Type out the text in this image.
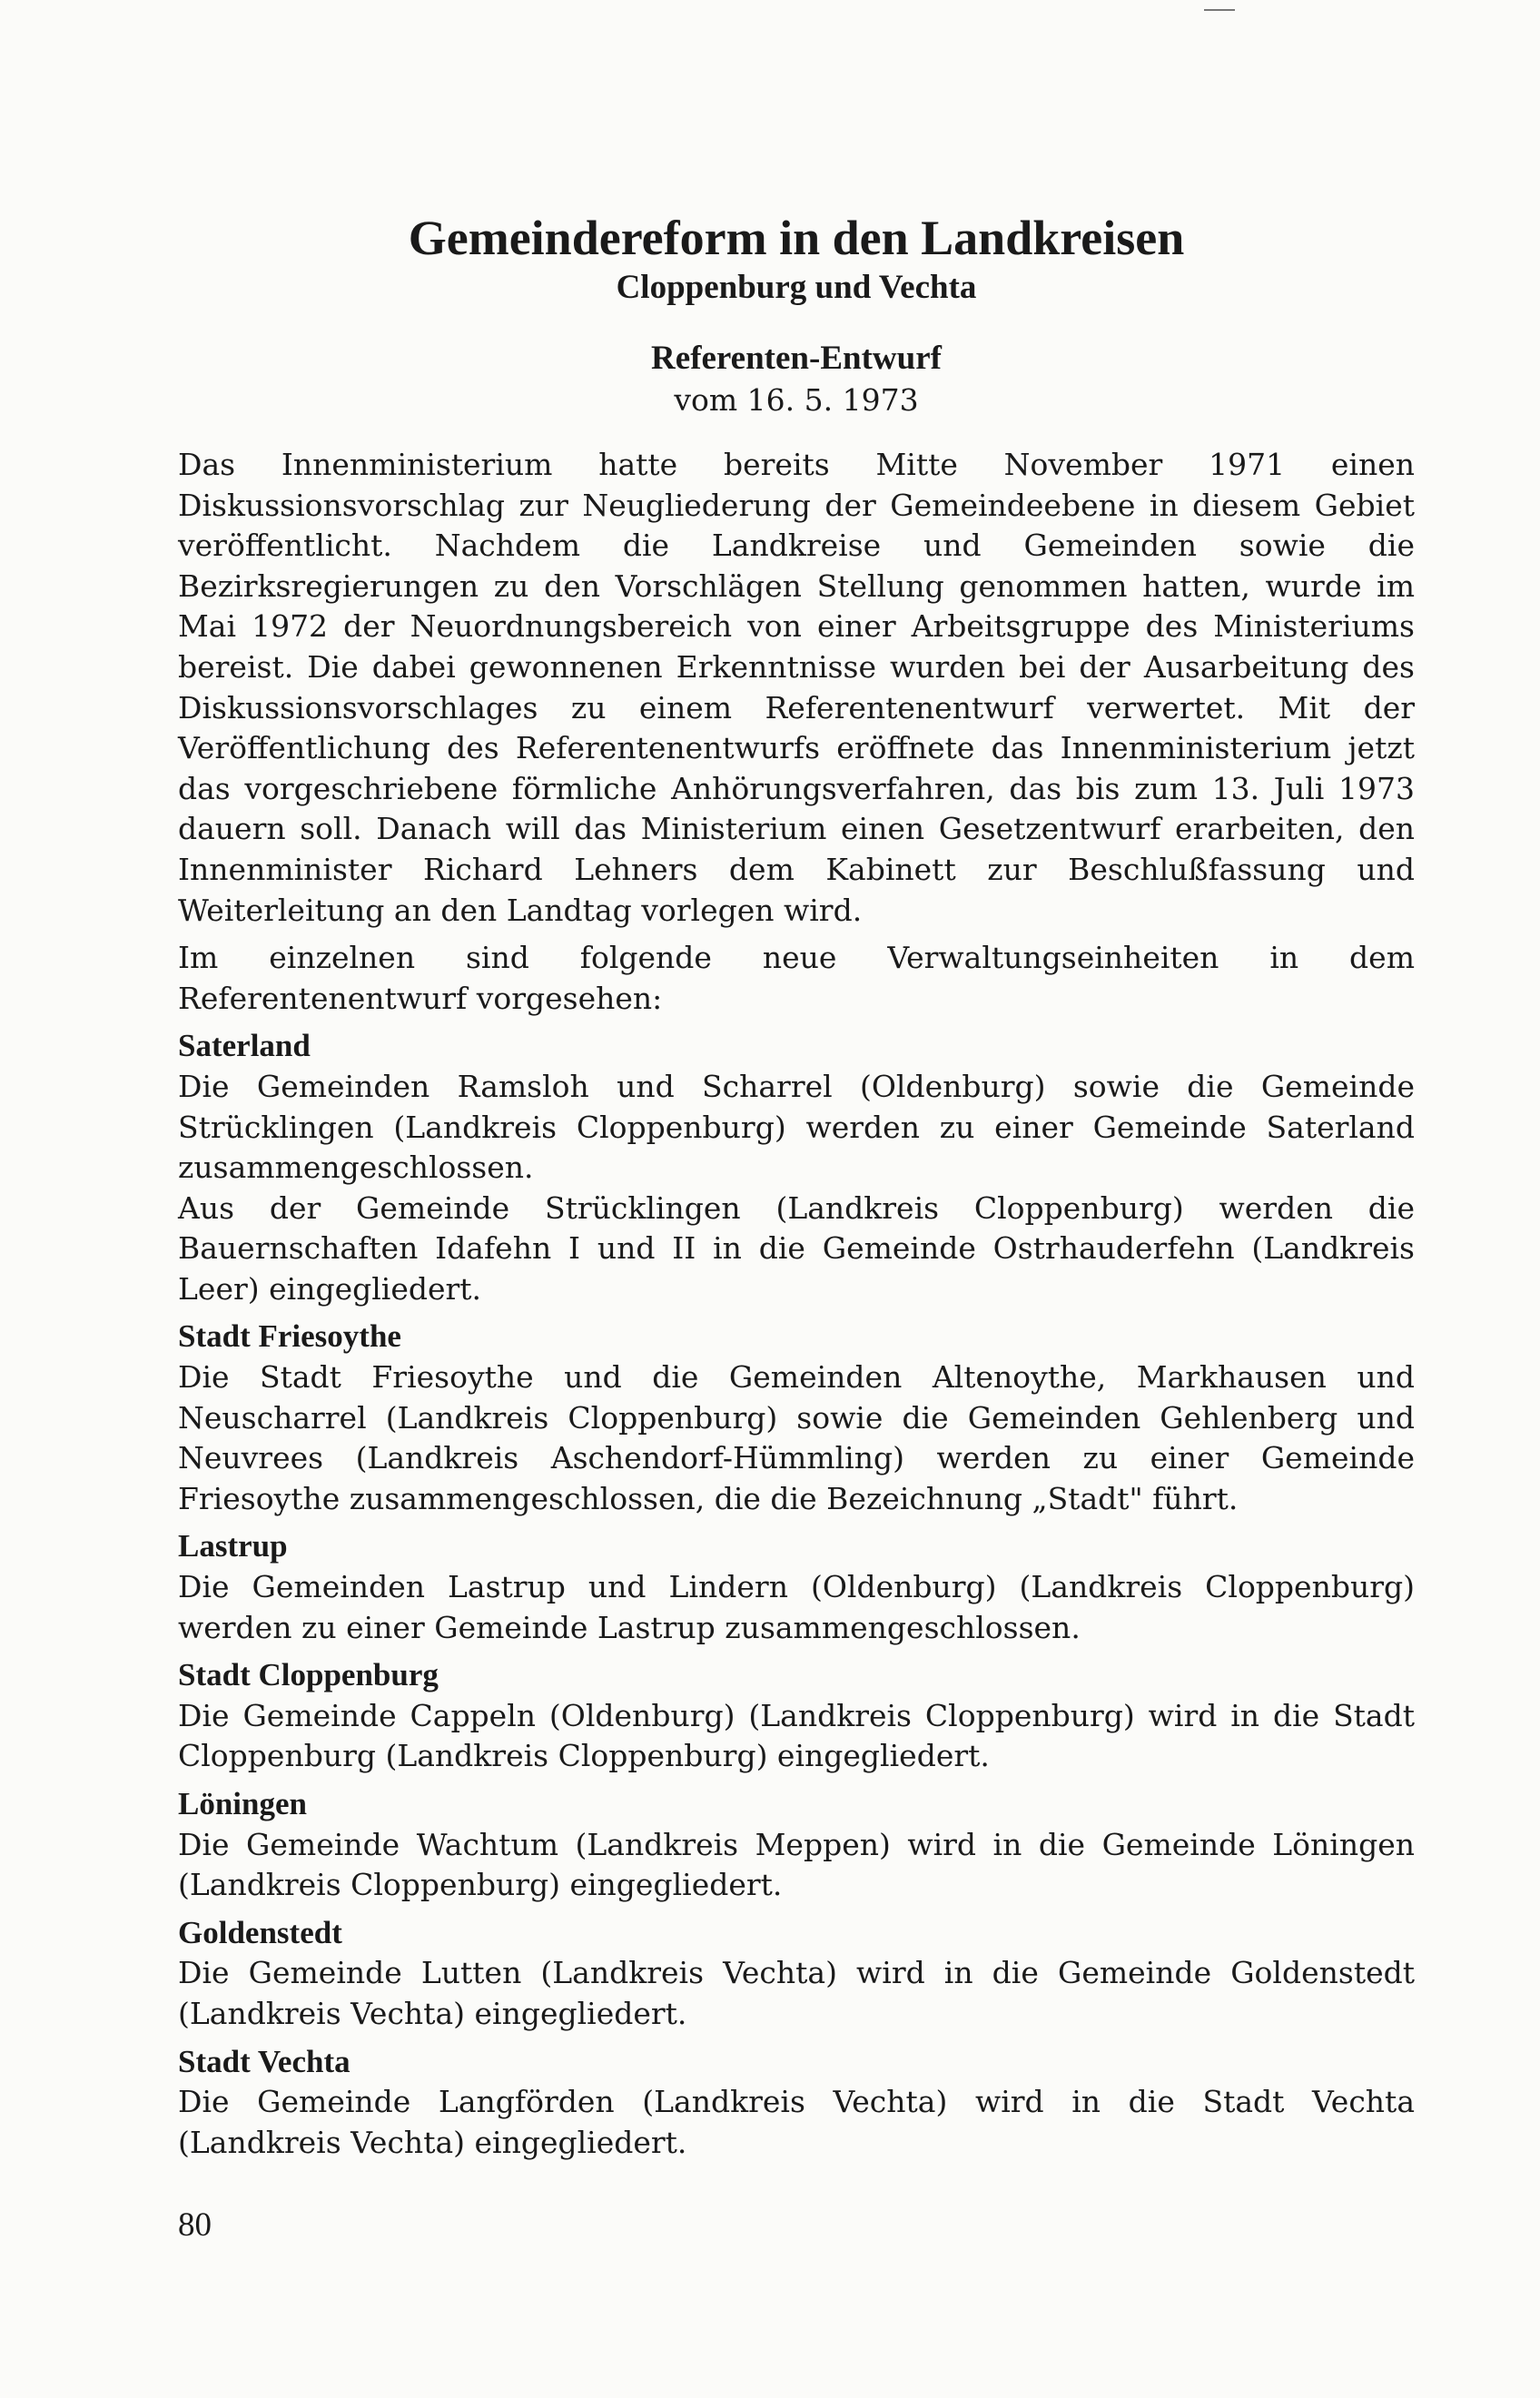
Gemeindereform in den Landkreisen
Cloppenburg und Vechta
Referenten-Entwurf
vom 16. 5. 1973

Das Innenministerium hatte bereits Mitte November 1971 einen Diskussionsvorschlag zur Neugliederung der Gemeindeebene in diesem Gebiet veröffentlicht. Nachdem die Landkreise und Gemeinden sowie die Bezirksregierungen zu den Vorschlägen Stellung genommen hatten, wurde im Mai 1972 der Neuordnungsbereich von einer Arbeitsgruppe des Ministeriums bereist. Die dabei gewonnenen Erkenntnisse wurden bei der Ausarbeitung des Diskussionsvorschlages zu einem Referentenentwurf verwertet. Mit der Veröffentlichung des Referentenentwurfs eröffnete das Innenministerium jetzt das vorgeschriebene förmliche Anhörungsverfahren, das bis zum 13. Juli 1973 dauern soll. Danach will das Ministerium einen Gesetzentwurf erarbeiten, den Innenminister Richard Lehners dem Kabinett zur Beschlußfassung und Weiterleitung an den Landtag vorlegen wird.

Im einzelnen sind folgende neue Verwaltungseinheiten in dem Referentenentwurf vorgesehen:

Saterland

Die Gemeinden Ramsloh und Scharrel (Oldenburg) sowie die Gemeinde Strücklingen (Landkreis Cloppenburg) werden zu einer Gemeinde Saterland zusammengeschlossen.

Aus der Gemeinde Strücklingen (Landkreis Cloppenburg) werden die Bauernschaften Idafehn I und II in die Gemeinde Ostrhauderfehn (Landkreis Leer) eingegliedert.

Stadt Friesoythe

Die Stadt Friesoythe und die Gemeinden Altenoythe, Markhausen und Neuscharrel (Landkreis Cloppenburg) sowie die Gemeinden Gehlenberg und Neuvrees (Landkreis Aschendorf-Hümmling) werden zu einer Gemeinde Friesoythe zusammengeschlossen, die die Bezeichnung „Stadt" führt.

Lastrup

Die Gemeinden Lastrup und Lindern (Oldenburg) (Landkreis Cloppenburg) werden zu einer Gemeinde Lastrup zusammengeschlossen.

Stadt Cloppenburg

Die Gemeinde Cappeln (Oldenburg) (Landkreis Cloppenburg) wird in die Stadt Cloppenburg (Landkreis Cloppenburg) eingegliedert.

Löningen

Die Gemeinde Wachtum (Landkreis Meppen) wird in die Gemeinde Löningen (Landkreis Cloppenburg) eingegliedert.

Goldenstedt

Die Gemeinde Lutten (Landkreis Vechta) wird in die Gemeinde Goldenstedt (Landkreis Vechta) eingegliedert.

Stadt Vechta

Die Gemeinde Langförden (Landkreis Vechta) wird in die Stadt Vechta (Landkreis Vechta) eingegliedert.

80
